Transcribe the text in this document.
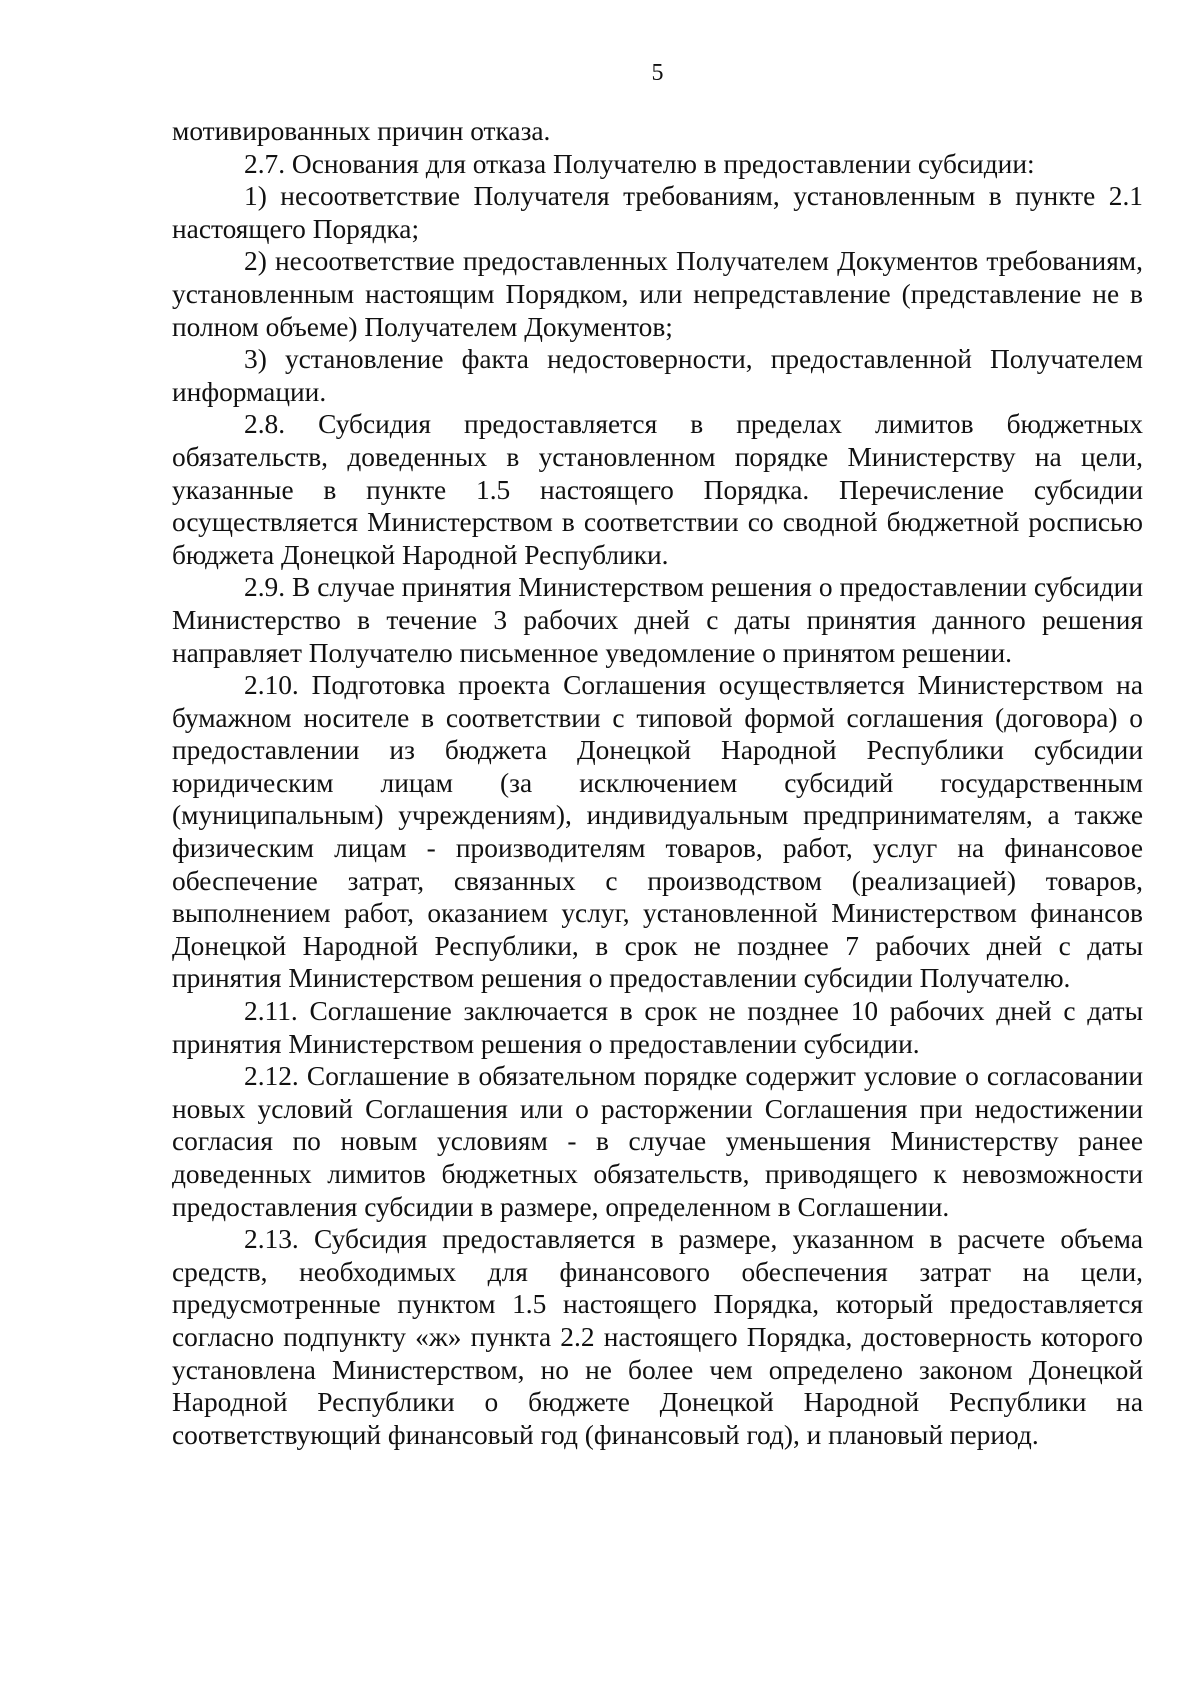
5

мотивированных причин отказа.

2.7. Основания для отказа Получателю в предоставлении субсидии:

1) несоответствие Получателя требованиям, установленным в пункте 2.1 настоящего Порядка;

2) несоответствие предоставленных Получателем Документов требованиям, установленным настоящим Порядком, или непредставление (представление не в полном объеме) Получателем Документов;

3) установление факта недостоверности, предоставленной Получателем информации.

2.8. Субсидия предоставляется в пределах лимитов бюджетных обязательств, доведенных в установленном порядке Министерству на цели, указанные в пункте 1.5 настоящего Порядка. Перечисление субсидии осуществляется Министерством в соответствии со сводной бюджетной росписью бюджета Донецкой Народной Республики.

2.9. В случае принятия Министерством решения о предоставлении субсидии Министерство в течение 3 рабочих дней с даты принятия данного решения направляет Получателю письменное уведомление о принятом решении.

2.10. Подготовка проекта Соглашения осуществляется Министерством на бумажном носителе в соответствии с типовой формой соглашения (договора) о предоставлении из бюджета Донецкой Народной Республики субсидии юридическим лицам (за исключением субсидий государственным (муниципальным) учреждениям), индивидуальным предпринимателям, а также физическим лицам - производителям товаров, работ, услуг на финансовое обеспечение затрат, связанных с производством (реализацией) товаров, выполнением работ, оказанием услуг, установленной Министерством финансов Донецкой Народной Республики, в срок не позднее 7 рабочих дней с даты принятия Министерством решения о предоставлении субсидии Получателю.

2.11. Соглашение заключается в срок не позднее 10 рабочих дней с даты принятия Министерством решения о предоставлении субсидии.

2.12. Соглашение в обязательном порядке содержит условие о согласовании новых условий Соглашения или о расторжении Соглашения при недостижении согласия по новым условиям - в случае уменьшения Министерству ранее доведенных лимитов бюджетных обязательств, приводящего к невозможности предоставления субсидии в размере, определенном в Соглашении.

2.13. Субсидия предоставляется в размере, указанном в расчете объема средств, необходимых для финансового обеспечения затрат на цели, предусмотренные пунктом 1.5 настоящего Порядка, который предоставляется согласно подпункту «ж» пункта 2.2 настоящего Порядка, достоверность которого установлена Министерством, но не более чем определено законом Донецкой Народной Республики о бюджете Донецкой Народной Республики на соответствующий финансовый год (финансовый год), и плановый период.
